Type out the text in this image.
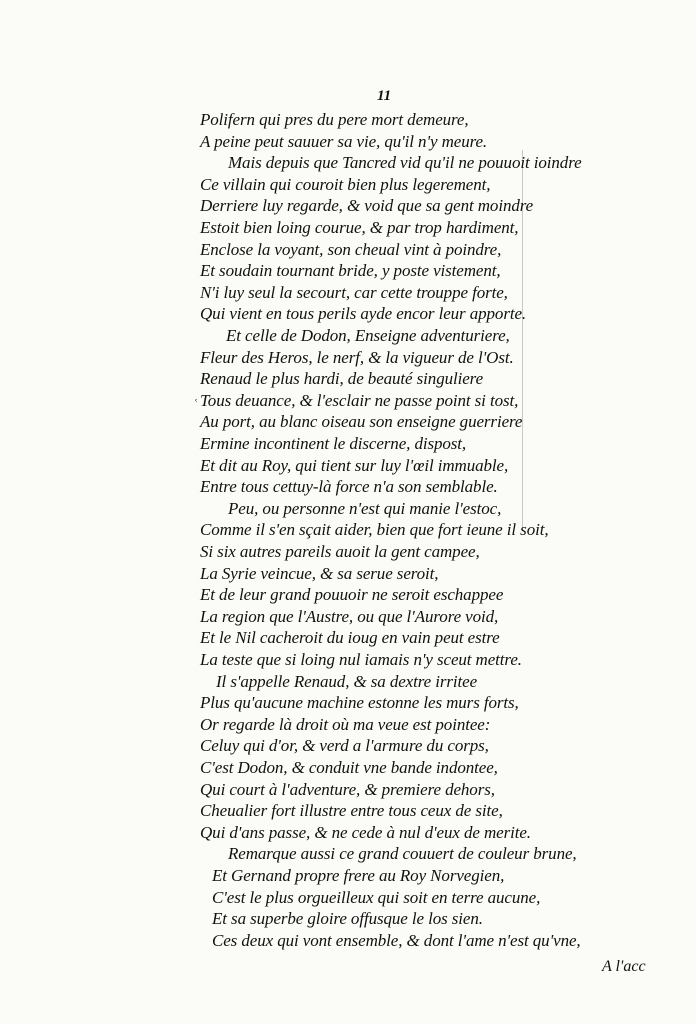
11
ʿ
Polifern qui pres du pere mort demeure,
A peine peut sauuer sa vie, qu'il n'y meure.
Mais depuis que Tancred vid qu'il ne pouuoit ioindre
Ce villain qui couroit bien plus legerement,
Derriere luy regarde, & void que sa gent moindre
Estoit bien loing courue, & par trop hardiment,
Enclose la voyant, son cheual vint à poindre,
Et soudain tournant bride, y poste vistement,
N'i luy seul la secourt, car cette trouppe forte,
Qui vient en tous perils ayde encor leur apporte.
Et celle de Dodon, Enseigne adventuriere,
Fleur des Heros, le nerf, & la vigueur de l'Ost.
Renaud le plus hardi, de beauté singuliere
Tous deuance, & l'esclair ne passe point si tost,
Au port, au blanc oiseau son enseigne guerriere
Ermine incontinent le discerne, dispost,
Et dit au Roy, qui tient sur luy l'œil immuable,
Entre tous cettuy-là force n'a son semblable.
Peu, ou personne n'est qui manie l'estoc,
Comme il s'en sçait aider, bien que fort ieune il soit,
Si six autres pareils auoit la gent campee,
La Syrie veincue, & sa serue seroit,
Et de leur grand pouuoir ne seroit eschappee
La region que l'Austre, ou que l'Aurore void,
Et le Nil cacheroit du ioug en vain peut estre
La teste que si loing nul iamais n'y sceut mettre.
Il s'appelle Renaud, & sa dextre irritee
Plus qu'aucune machine estonne les murs forts,
Or regarde là droit où ma veue est pointee:
Celuy qui d'or, & verd a l'armure du corps,
C'est Dodon, & conduit vne bande indontee,
Qui court à l'adventure, & premiere dehors,
Cheualier fort illustre entre tous ceux de site,
Qui d'ans passe, & ne cede à nul d'eux de merite.
Remarque aussi ce grand couuert de couleur brune,
Et Gernand propre frere au Roy Norvegien,
C'est le plus orgueilleux qui soit en terre aucune,
Et sa superbe gloire offusque le los sien.
Ces deux qui vont ensemble, & dont l'ame n'est qu'vne,
A l'acc
